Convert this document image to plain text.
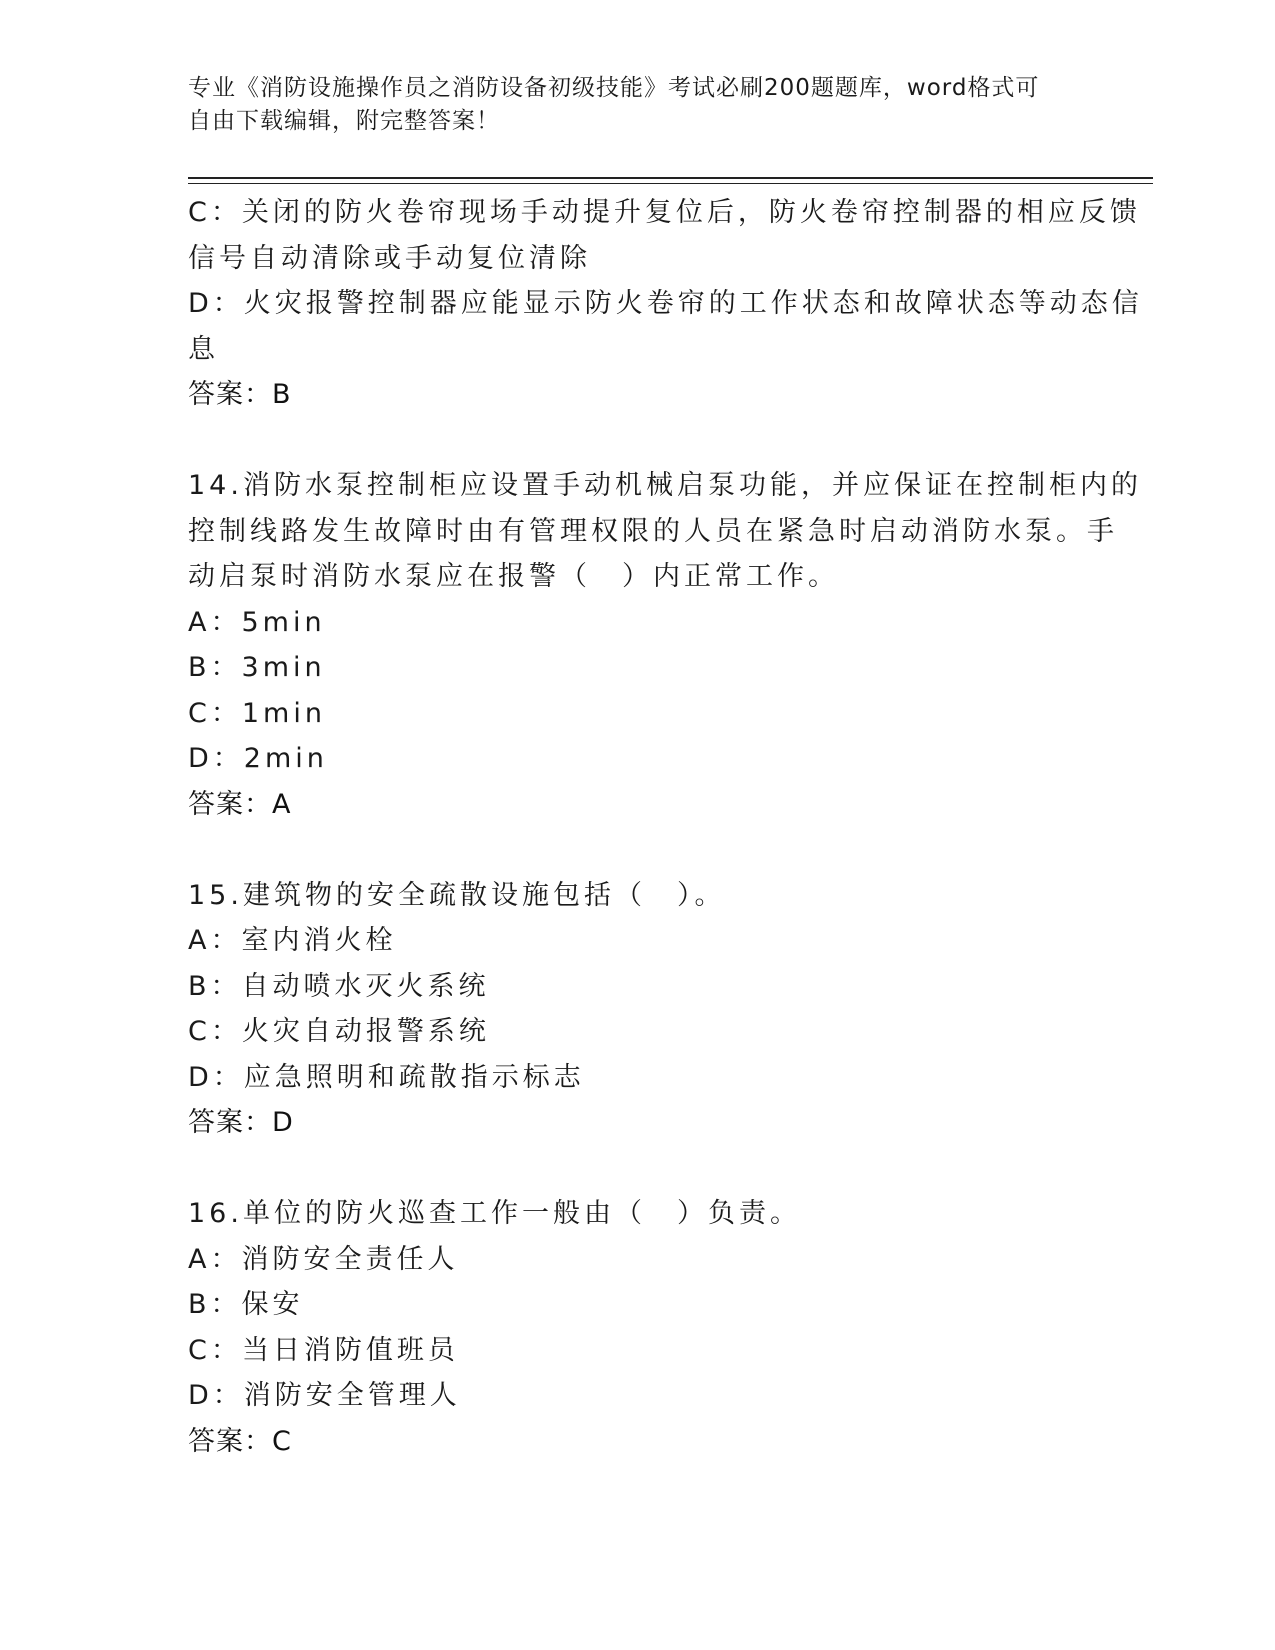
专业《消防设施操作员之消防设备初级技能》考试必刷200题题库，word格式可
自由下载编辑，附完整答案！
C：关闭的防火卷帘现场手动提升复位后，防火卷帘控制器的相应反馈
信号自动清除或手动复位清除
D：火灾报警控制器应能显示防火卷帘的工作状态和故障状态等动态信
息
答案：B
14.消防水泵控制柜应设置手动机械启泵功能，并应保证在控制柜内的
控制线路发生故障时由有管理权限的人员在紧急时启动消防水泵。手
动启泵时消防水泵应在报警（　）内正常工作。
A：5min
B：3min
C：1min
D：2min
答案：A
15.建筑物的安全疏散设施包括（　）。
A：室内消火栓
B：自动喷水灭火系统
C：火灾自动报警系统
D：应急照明和疏散指示标志
答案：D
16.单位的防火巡查工作一般由（　）负责。
A：消防安全责任人
B：保安
C：当日消防值班员
D：消防安全管理人
答案：C
